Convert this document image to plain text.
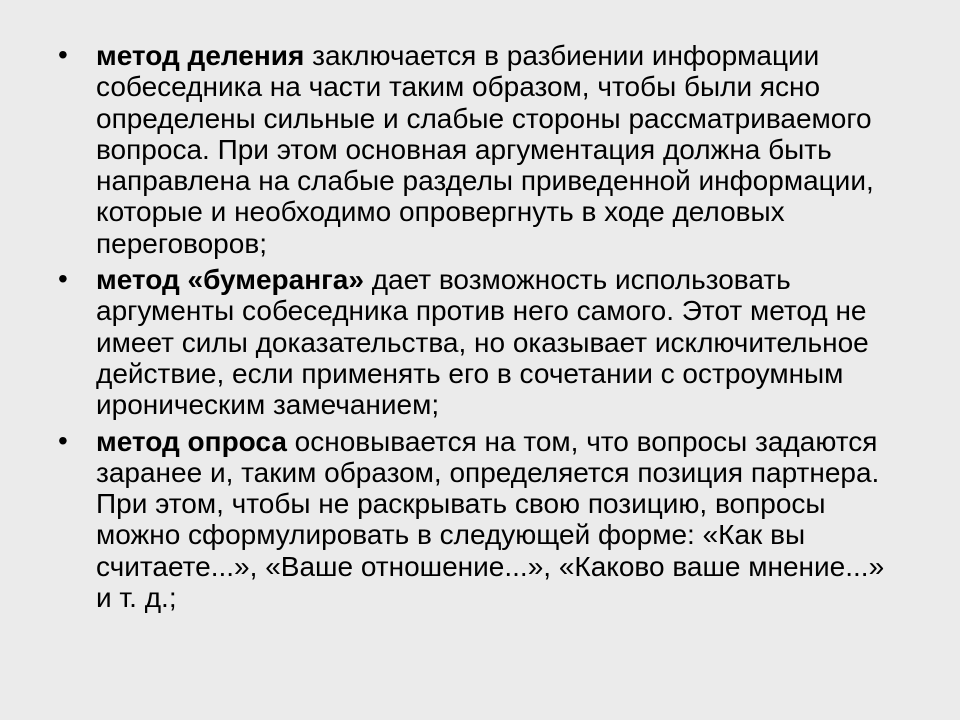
• метод деления заключается в разбиении информации собеседника на части таким образом, чтобы были ясно определены сильные и слабые стороны рассматриваемого вопроса. При этом основная аргументация должна быть направлена на слабые разделы приведенной информации, которые и необходимо опровергнуть в ходе деловых переговоров;
• метод «бумеранга» дает возможность использовать аргументы собеседника против него самого. Этот метод не имеет силы доказательства, но оказывает исключительное действие, если применять его в сочетании с остроумным ироническим замечанием;
• метод опроса основывается на том, что вопросы задаются заранее и, таким образом, определяется позиция партнера. При этом, чтобы не раскрывать свою позицию, вопросы можно сформулировать в следующей форме: «Как вы считаете...», «Ваше отношение...», «Каково ваше мнение...» и т. д.;
